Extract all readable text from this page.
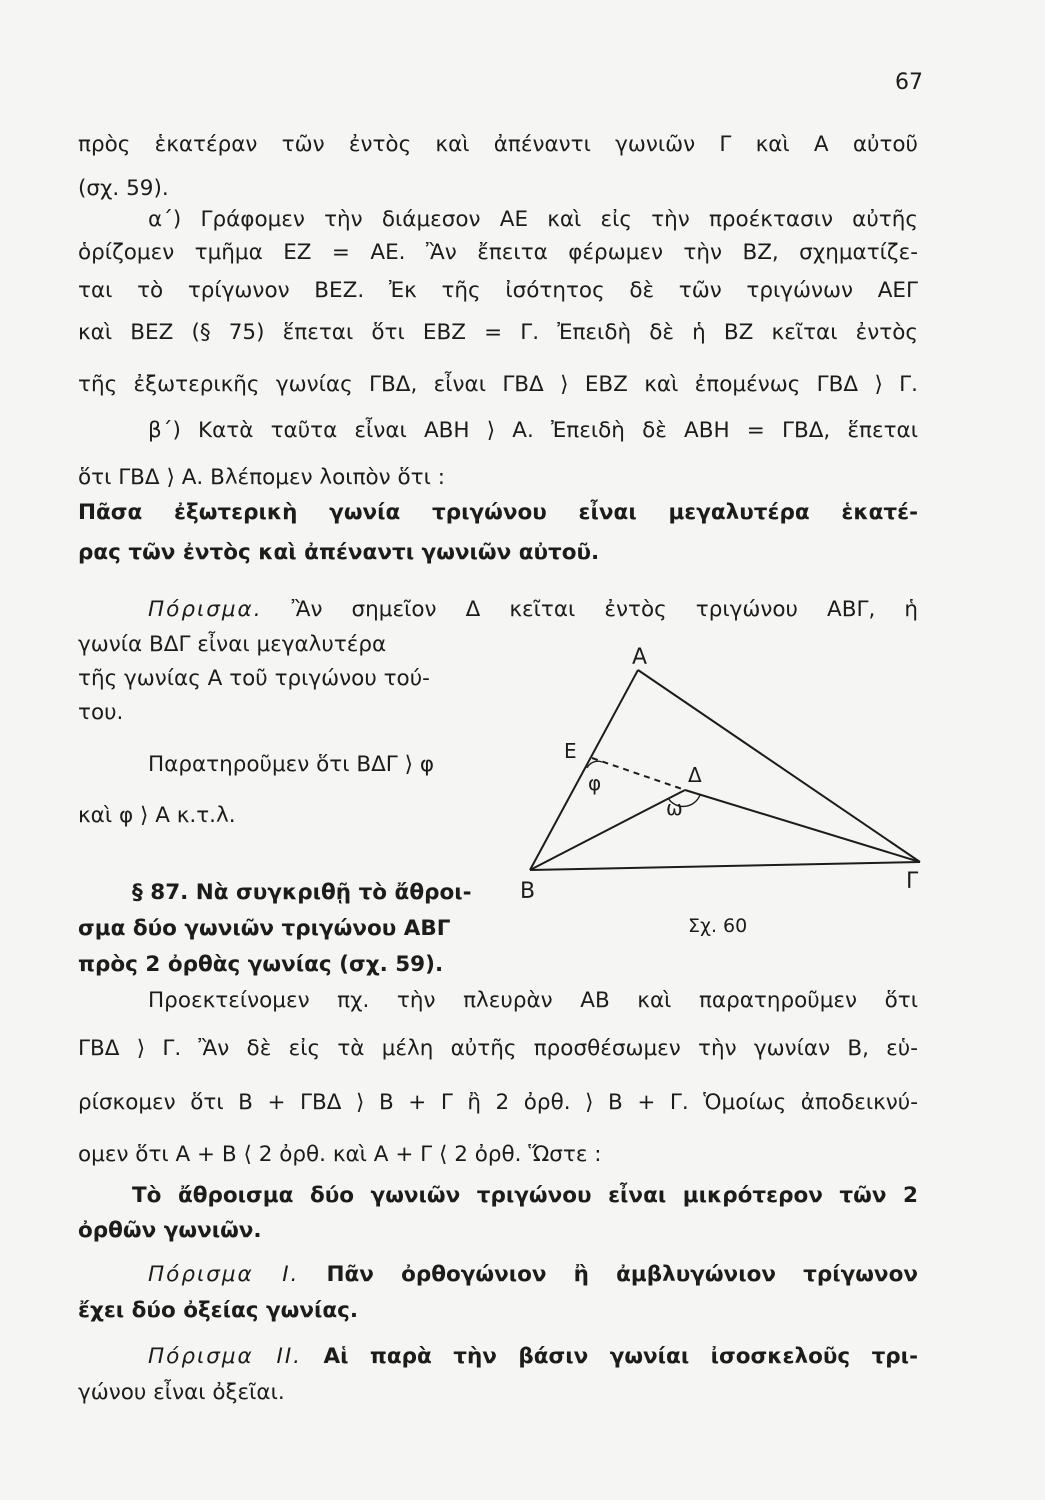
67
πρὸς ἑκατέραν τῶν ἐντὸς καὶ ἀπέναντι γωνιῶν Γ καὶ Α αὐτοῦ
(σχ. 59).
α΄) Γράφομεν τὴν διάμεσον ΑΕ καὶ εἰς τὴν προέκτασιν αὐτῆς
ὁρίζομεν τμῆμα ΕΖ = ΑΕ. Ἂν ἔπειτα φέρωμεν τὴν ΒΖ, σχηματίζε-
ται τὸ τρίγωνον ΒΕΖ. Ἐκ τῆς ἰσότητος δὲ τῶν τριγώνων ΑΕΓ
καὶ ΒΕΖ (§ 75) ἕπεται ὅτι ΕΒΖ = Γ. Ἐπειδὴ δὲ ἡ ΒΖ κεῖται ἐντὸς
τῆς ἐξωτερικῆς γωνίας ΓΒΔ, εἶναι ΓΒΔ ⟩ ΕΒΖ καὶ ἐπομένως ΓΒΔ ⟩ Γ.
β΄) Κατὰ ταῦτα εἶναι ΑΒΗ ⟩ Α. Ἐπειδὴ δὲ ΑΒΗ = ΓΒΔ, ἕπεται
ὅτι ΓΒΔ ⟩ Α. Βλέπομεν λοιπὸν ὅτι :
Πᾶσα ἐξωτερικὴ γωνία τριγώνου εἶναι μεγαλυτέρα ἑκατέ-
ρας τῶν ἐντὸς καὶ ἀπέναντι γωνιῶν αὐτοῦ.
Πόρισμα. Ἂν σημεῖον Δ κεῖται ἐντὸς τριγώνου ΑΒΓ, ἡ
γωνία ΒΔΓ εἶναι μεγαλυτέρα
τῆς γωνίας Α τοῦ τριγώνου τού-
του.
Παρατηροῦμεν ὅτι ΒΔΓ ⟩ φ
καὶ φ ⟩ Α κ.τ.λ.
§ 87. Νὰ συγκριθῇ τὸ ἄθροι-
σμα δύο γωνιῶν τριγώνου ΑΒΓ
πρὸς 2 ὀρθὰς γωνίας (σχ. 59).
Προεκτείνομεν πχ. τὴν πλευρὰν ΑΒ καὶ παρατηροῦμεν ὅτι
ΓΒΔ ⟩ Γ. Ἂν δὲ εἰς τὰ μέλη αὐτῆς προσθέσωμεν τὴν γωνίαν Β, εὑ-
ρίσκομεν ὅτι Β + ΓΒΔ ⟩ Β + Γ ἢ 2 ὀρθ. ⟩ Β + Γ. Ὁμοίως ἀποδεικνύ-
ομεν ὅτι Α + Β ⟨ 2 ὀρθ. καὶ Α + Γ ⟨ 2 ὀρθ. Ὥστε :
Τὸ ἄθροισμα δύο γωνιῶν τριγώνου εἶναι μικρότερον τῶν 2
ὀρθῶν γωνιῶν.
Πόρισμα Ι. Πᾶν ὀρθογώνιον ἢ ἀμβλυγώνιον τρίγωνον
ἔχει δύο ὀξείας γωνίας.
Πόρισμα ΙΙ. Αἱ παρὰ τὴν βάσιν γωνίαι ἰσοσκελοῦς τρι-
γώνου εἶναι ὀξεῖαι.
Α
Β	Γ
Ε
Δ
φ
ω
Σχ. 60
